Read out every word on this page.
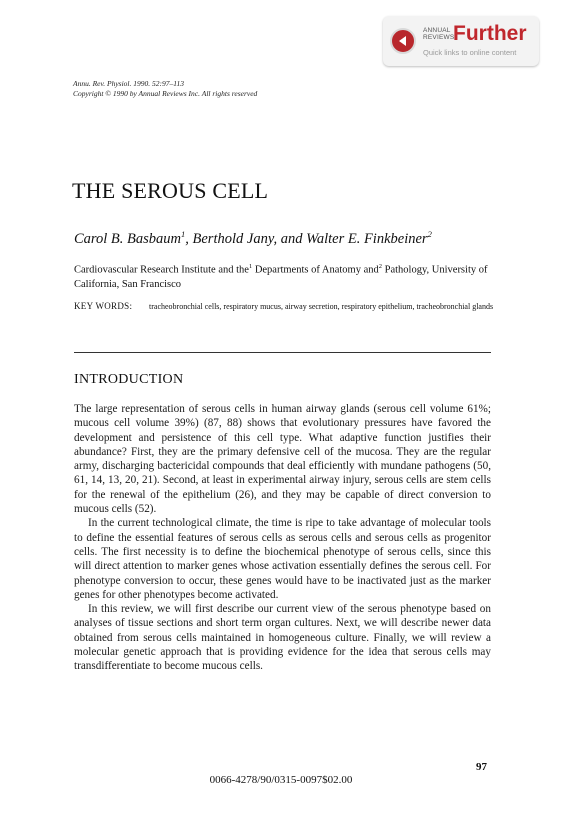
ANNUAL
REVIEWS
Further
Quick links to online content
Annu. Rev. Physiol. 1990. 52:97–113
Copyright © 1990 by Annual Reviews Inc. All rights reserved
THE SEROUS CELL
Carol B. Basbaum$^1$, Berthold Jany, and Walter E. Finkbeiner$^2$
Cardiovascular Research Institute and the$^1$ Departments of Anatomy and$^2$ Pathology, University of California, San Francisco
KEY WORDS: tracheobronchial cells, respiratory mucus, airway secretion, respiratory epithelium, tracheobronchial glands
INTRODUCTION

The large representation of serous cells in human airway glands (serous cell volume 61%; mucous cell volume 39%) (87, 88) shows that evolutionary pressures have favored the development and persistence of this cell type. What adaptive function justifies their abundance? First, they are the primary defensive cell of the mucosa. They are the regular army, discharging bactericidal compounds that deal efficiently with mundane pathogens (50, 61, 14, 13, 20, 21). Second, at least in experimental airway injury, serous cells are stem cells for the renewal of the epithelium (26), and they may be capable of direct conversion to mucous cells (52).

In the current technological climate, the time is ripe to take advantage of molecular tools to define the essential features of serous cells as serous cells and serous cells as progenitor cells. The first necessity is to define the biochemical phenotype of serous cells, since this will direct attention to marker genes whose activation essentially defines the serous cell. For phenotype conversion to occur, these genes would have to be inactivated just as the marker genes for other phenotypes become activated.

In this review, we will first describe our current view of the serous phenotype based on analyses of tissue sections and short term organ cultures. Next, we will describe newer data obtained from serous cells maintained in homogeneous culture. Finally, we will review a molecular genetic approach that is providing evidence for the idea that serous cells may transdifferentiate to become mucous cells.

97
0066-4278/90/0315-0097$02.00
